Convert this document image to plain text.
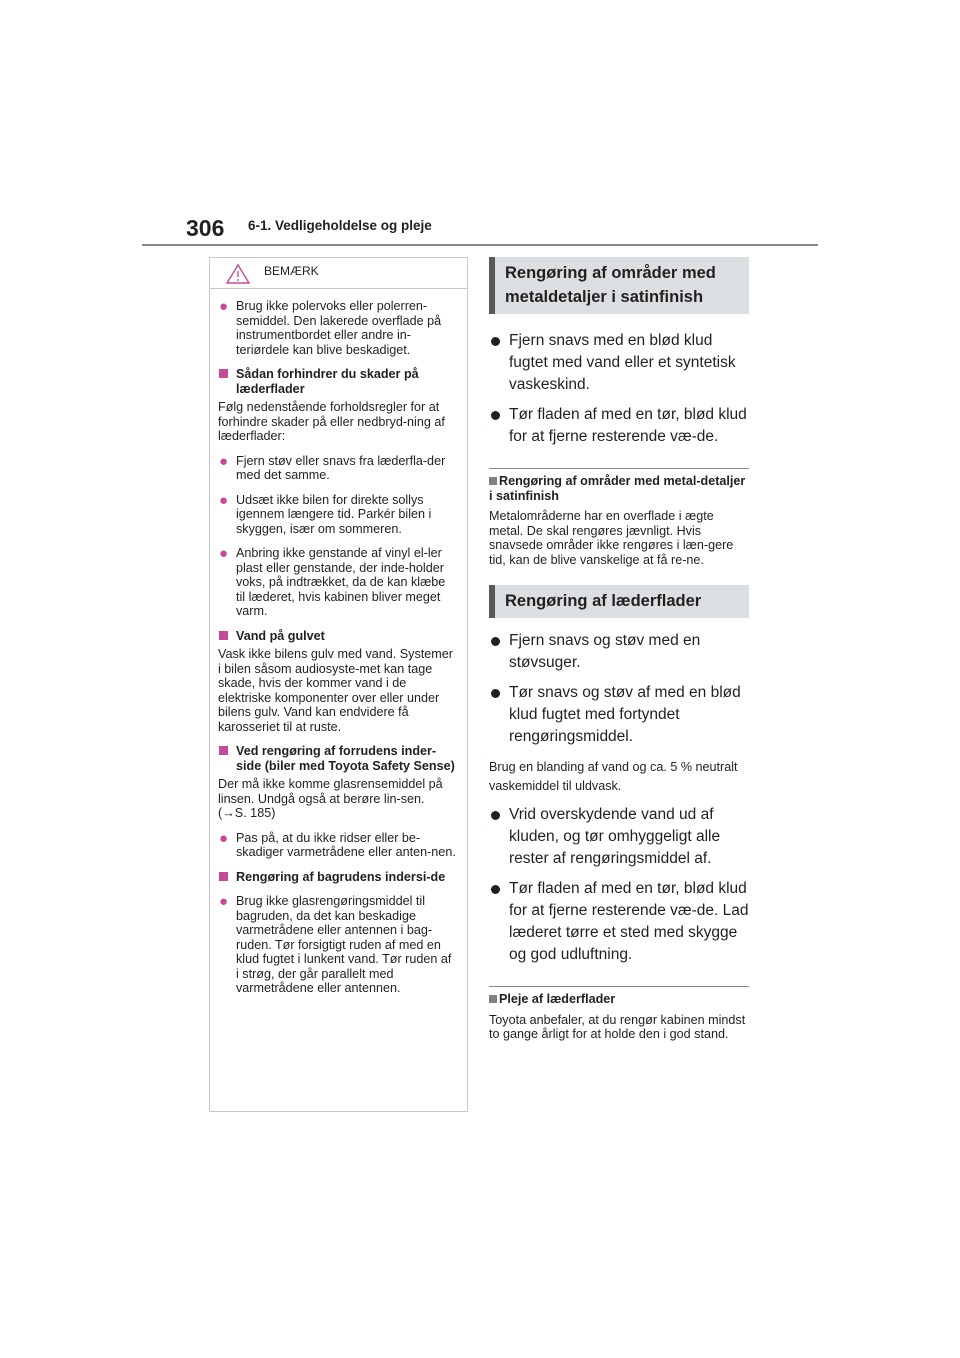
306 6-1. Vedligeholdelse og pleje
BEMÆRK
● Brug ikke polervoks eller polerren-semiddel. Den lakerede overflade på instrumentbordet eller andre in-teriørdele kan blive beskadiget.
Sådan forhindrer du skader på læderflader
Følg nedenstående forholdsregler for at forhindre skader på eller nedbryd-ning af læderflader:
● Fjern støv eller snavs fra læderfla-der med det samme.
● Udsæt ikke bilen for direkte sollys igennem længere tid. Parkér bilen i skyggen, især om sommeren.
● Anbring ikke genstande af vinyl el-ler plast eller genstande, der inde-holder voks, på indtrækket, da de kan klæbe til læderet, hvis kabinen bliver meget varm.
Vand på gulvet
Vask ikke bilens gulv med vand. Systemer i bilen såsom audiosyste-met kan tage skade, hvis der kommer vand i de elektriske komponenter over eller under bilens gulv. Vand kan endvidere få karosseriet til at ruste.
Ved rengøring af forrudens inder-side (biler med Toyota Safety Sense)
Der må ikke komme glasrensemiddel på linsen. Undgå også at berøre lin-sen. (→S. 185)
● Pas på, at du ikke ridser eller be-skadiger varmetrådene eller anten-nen.
Rengøring af bagrudens indersi-de
● Brug ikke glasrengøringsmiddel til bagruden, da det kan beskadige varmetrådene eller antennen i bag-ruden. Tør forsigtigt ruden af med en klud fugtet i lunkent vand. Tør ruden af i strøg, der går parallelt med varmetrådene eller antennen.
Rengøring af områder med metaldetaljer i satinfinish
Fjern snavs med en blød klud fugtet med vand eller et syntetisk vaskeskind.
Tør fladen af med en tør, blød klud for at fjerne resterende væ-de.
Rengøring af områder med metal-detaljer i satinfinish
Metalområderne har en overflade i ægte metal. De skal rengøres jævnligt. Hvis snavsede områder ikke rengøres i læn-gere tid, kan de blive vanskelige at få re-ne.
Rengøring af læderflader
Fjern snavs og støv med en støvsuger.
Tør snavs og støv af med en blød klud fugtet med fortyndet rengøringsmiddel.
Brug en blanding af vand og ca. 5 % neutralt vaskemiddel til uldvask.
Vrid overskydende vand ud af kluden, og tør omhyggeligt alle rester af rengøringsmiddel af.
Tør fladen af med en tør, blød klud for at fjerne resterende væ-de. Lad læderet tørre et sted med skygge og god udluftning.
Pleje af læderflader
Toyota anbefaler, at du rengør kabinen mindst to gange årligt for at holde den i god stand.
